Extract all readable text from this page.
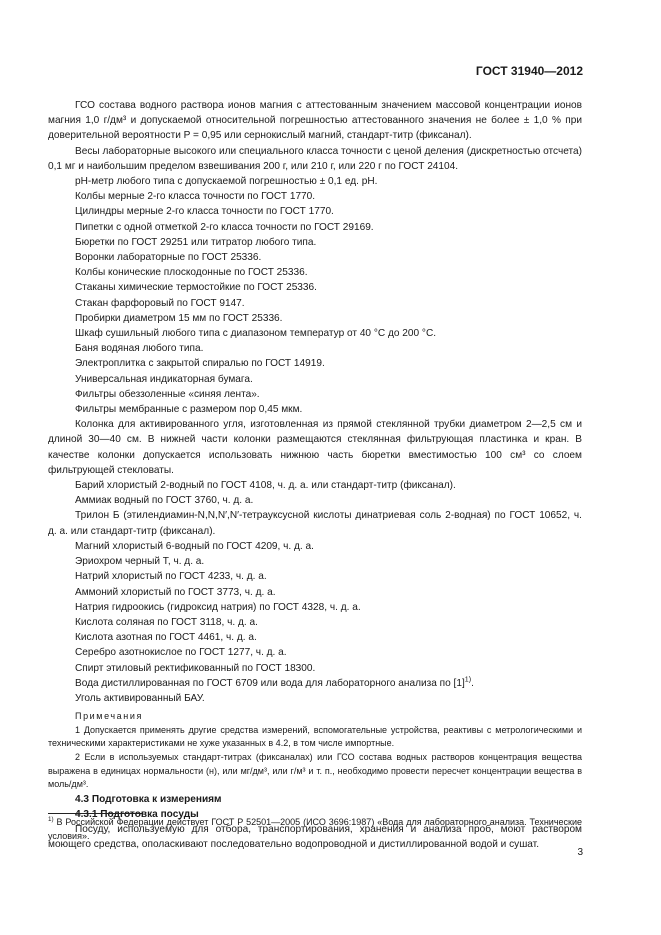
ГОСТ 31940—2012

ГСО состава водного раствора ионов магния с аттестованным значением массовой концентрации ионов магния 1,0 г/дм³ и допускаемой относительной погрешностью аттестованного значения не более ± 1,0 % при доверительной вероятности P = 0,95 или сернокислый магний, стандарт-титр (фиксанал).

Весы лабораторные высокого или специального класса точности с ценой деления (дискретностью отсчета) 0,1 мг и наибольшим пределом взвешивания 200 г, или 210 г, или 220 г по ГОСТ 24104.

рН-метр любого типа с допускаемой погрешностью ± 0,1 ед. рН.

Колбы мерные 2-го класса точности по ГОСТ 1770.

Цилиндры мерные 2-го класса точности по ГОСТ 1770.

Пипетки с одной отметкой 2-го класса точности по ГОСТ 29169.

Бюретки по ГОСТ 29251 или титратор любого типа.

Воронки лабораторные по ГОСТ 25336.

Колбы конические плоскодонные по ГОСТ 25336.

Стаканы химические термостойкие по ГОСТ 25336.

Стакан фарфоровый по ГОСТ 9147.

Пробирки диаметром 15 мм по ГОСТ 25336.

Шкаф сушильный любого типа с диапазоном температур от 40 °С до 200 °С.

Баня водяная любого типа.

Электроплитка с закрытой спиралью по ГОСТ 14919.

Универсальная индикаторная бумага.

Фильтры обеззоленные «синяя лента».

Фильтры мембранные с размером пор 0,45 мкм.

Колонка для активированного угля, изготовленная из прямой стеклянной трубки диаметром 2—2,5 см и длиной 30—40 см. В нижней части колонки размещаются стеклянная фильтрующая пластинка и кран. В качестве колонки допускается использовать нижнюю часть бюретки вместимостью 100 см³ со слоем фильтрующей стекловаты.

Барий хлористый 2-водный по ГОСТ 4108, ч. д. а. или стандарт-титр (фиксанал).

Аммиак водный по ГОСТ 3760, ч. д. а.

Трилон Б (этилендиамин-N,N,N′,N′-тетрауксусной кислоты динатриевая соль 2-водная) по ГОСТ 10652, ч. д. а. или стандарт-титр (фиксанал).

Магний хлористый 6-водный по ГОСТ 4209, ч. д. а.

Эриохром черный Т, ч. д. а.

Натрий хлористый по ГОСТ 4233, ч. д. а.

Аммоний хлористый по ГОСТ 3773, ч. д. а.

Натрия гидроокись (гидроксид натрия) по ГОСТ 4328, ч. д. а.

Кислота соляная по ГОСТ 3118, ч. д. а.

Кислота азотная по ГОСТ 4461, ч. д. а.

Серебро азотнокислое по ГОСТ 1277, ч. д. а.

Спирт этиловый ректификованный по ГОСТ 18300.

Вода дистиллированная по ГОСТ 6709 или вода для лабораторного анализа по $[1]^{1)}$.

Уголь активированный БАУ.

Примечания

1 Допускается применять другие средства измерений, вспомогательные устройства, реактивы с метрологическими и техническими характеристиками не хуже указанных в 4.2, в том числе импортные.

2 Если в используемых стандарт-титрах (фиксаналах) или ГСО состава водных растворов концентрация вещества выражена в единицах нормальности (н), или мг/дм³, или г/м³ и т. п., необходимо провести пересчет концентрации вещества в моль/дм³.

4.3 Подготовка к измерениям

4.3.1 Подготовка посуды

Посуду, используемую для отбора, транспортирования, хранения и анализа проб, моют раствором моющего средства, ополаскивают последовательно водопроводной и дистиллированной водой и сушат.

$^{1)}$ В Российской Федерации действует ГОСТ Р 52501—2005 (ИСО 3696:1987) «Вода для лабораторного анализа. Технические условия».
3
